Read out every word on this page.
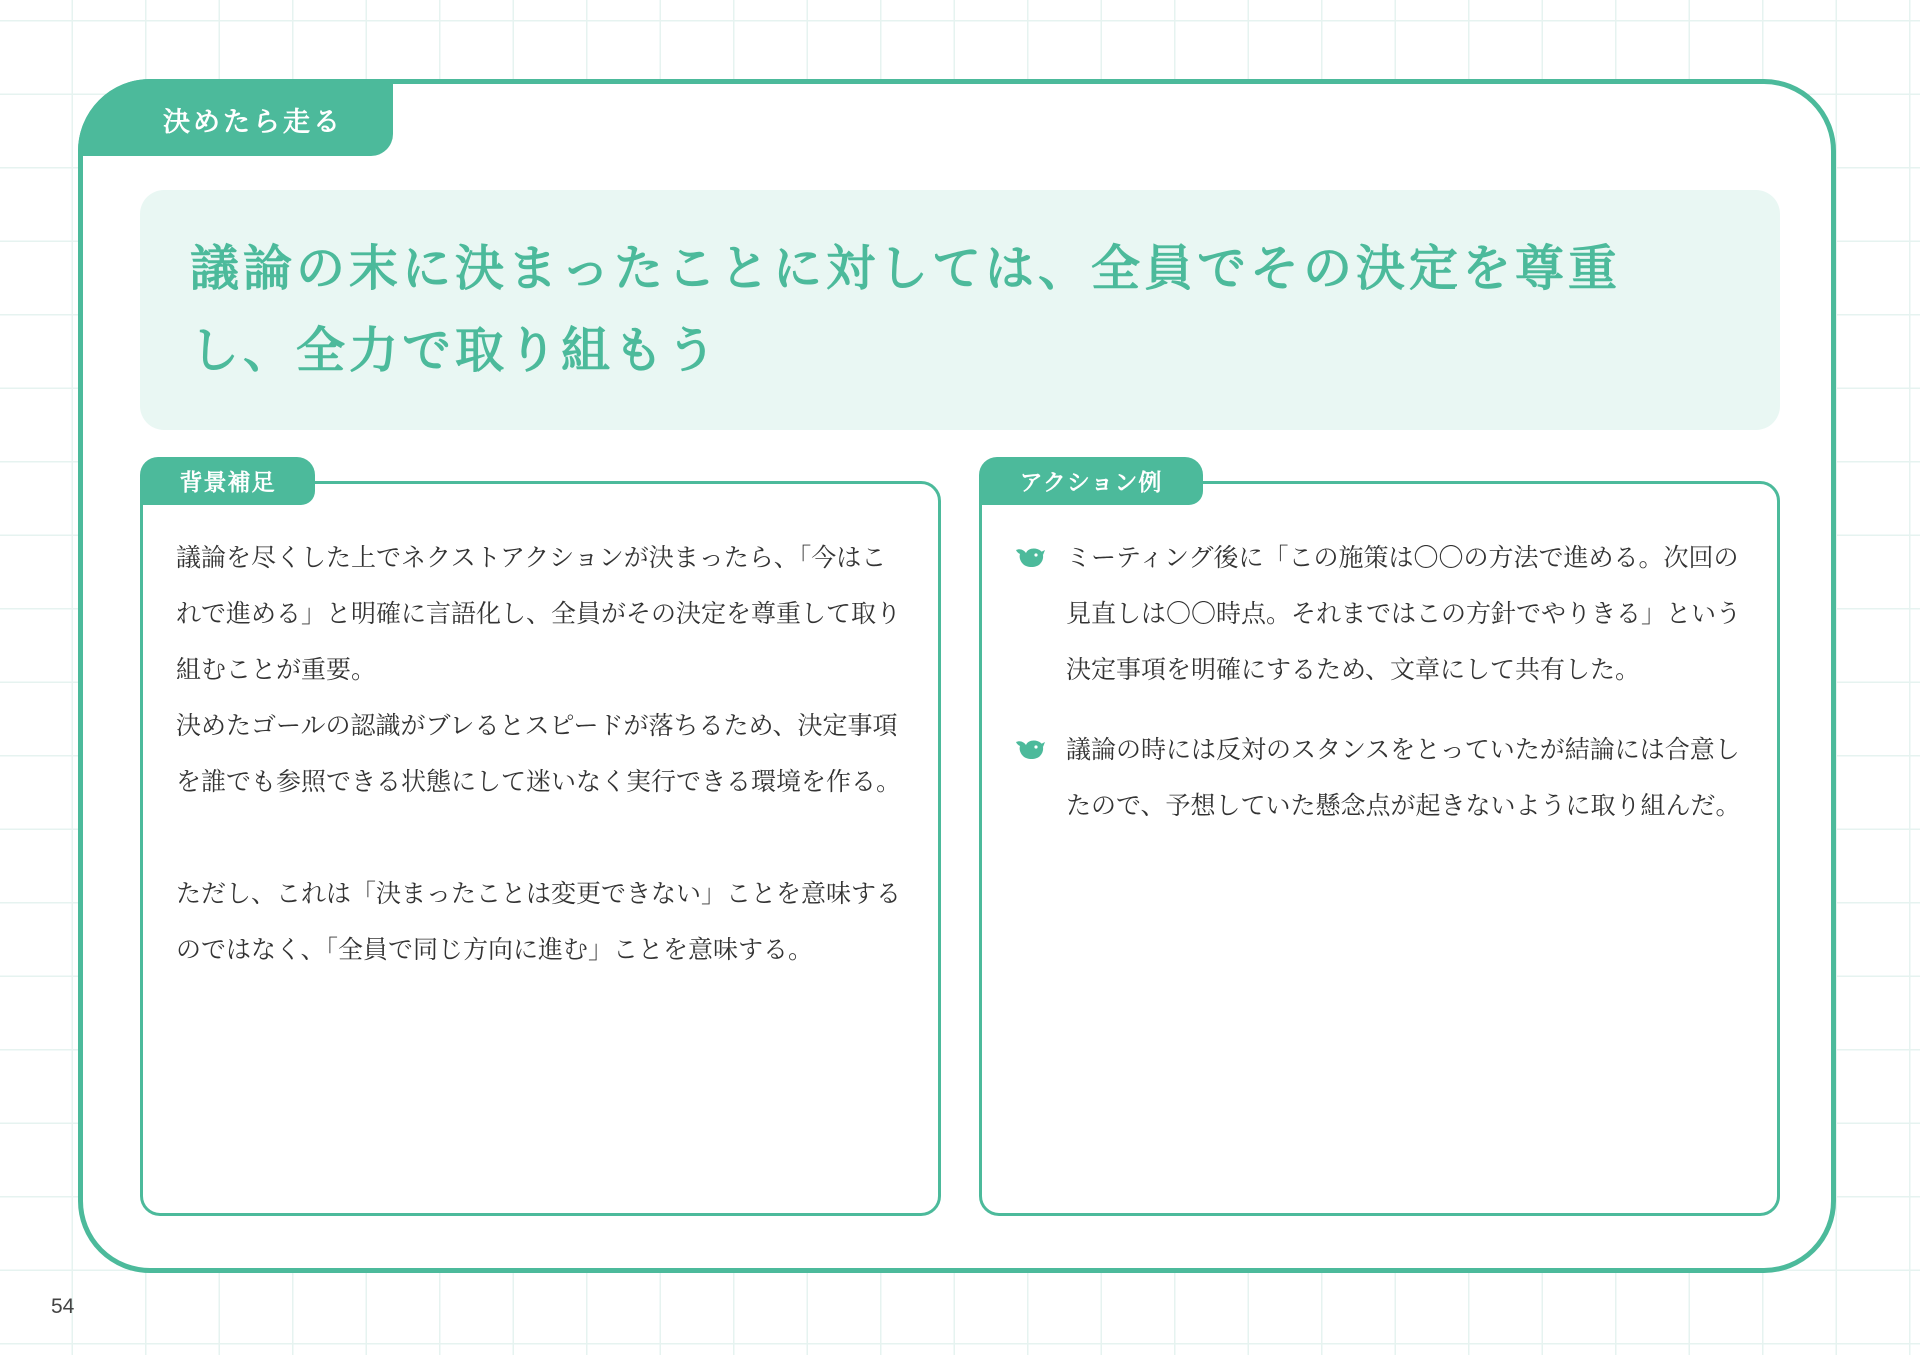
決めたら走る
議論の末に決まったことに対しては、全員でその決定を尊重し、全力で取り組もう
背景補足

議論を尽くした上でネクストアクションが決まったら、「今はこれで進める」と明確に言語化し、全員がその決定を尊重して取り組むことが重要。

決めたゴールの認識がブレるとスピードが落ちるため、決定事項を誰でも参照できる状態にして迷いなく実行できる環境を作る。

ただし、これは「決まったことは変更できない」ことを意味するのではなく、「全員で同じ方向に進む」ことを意味する。

アクション例
ミーティング後に「この施策は〇〇の方法で進める。次回の見直しは〇〇時点。それまではこの方針でやりきる」という決定事項を明確にするため、文章にして共有した。
議論の時には反対のスタンスをとっていたが結論には合意したので、予想していた懸念点が起きないように取り組んだ。
54
